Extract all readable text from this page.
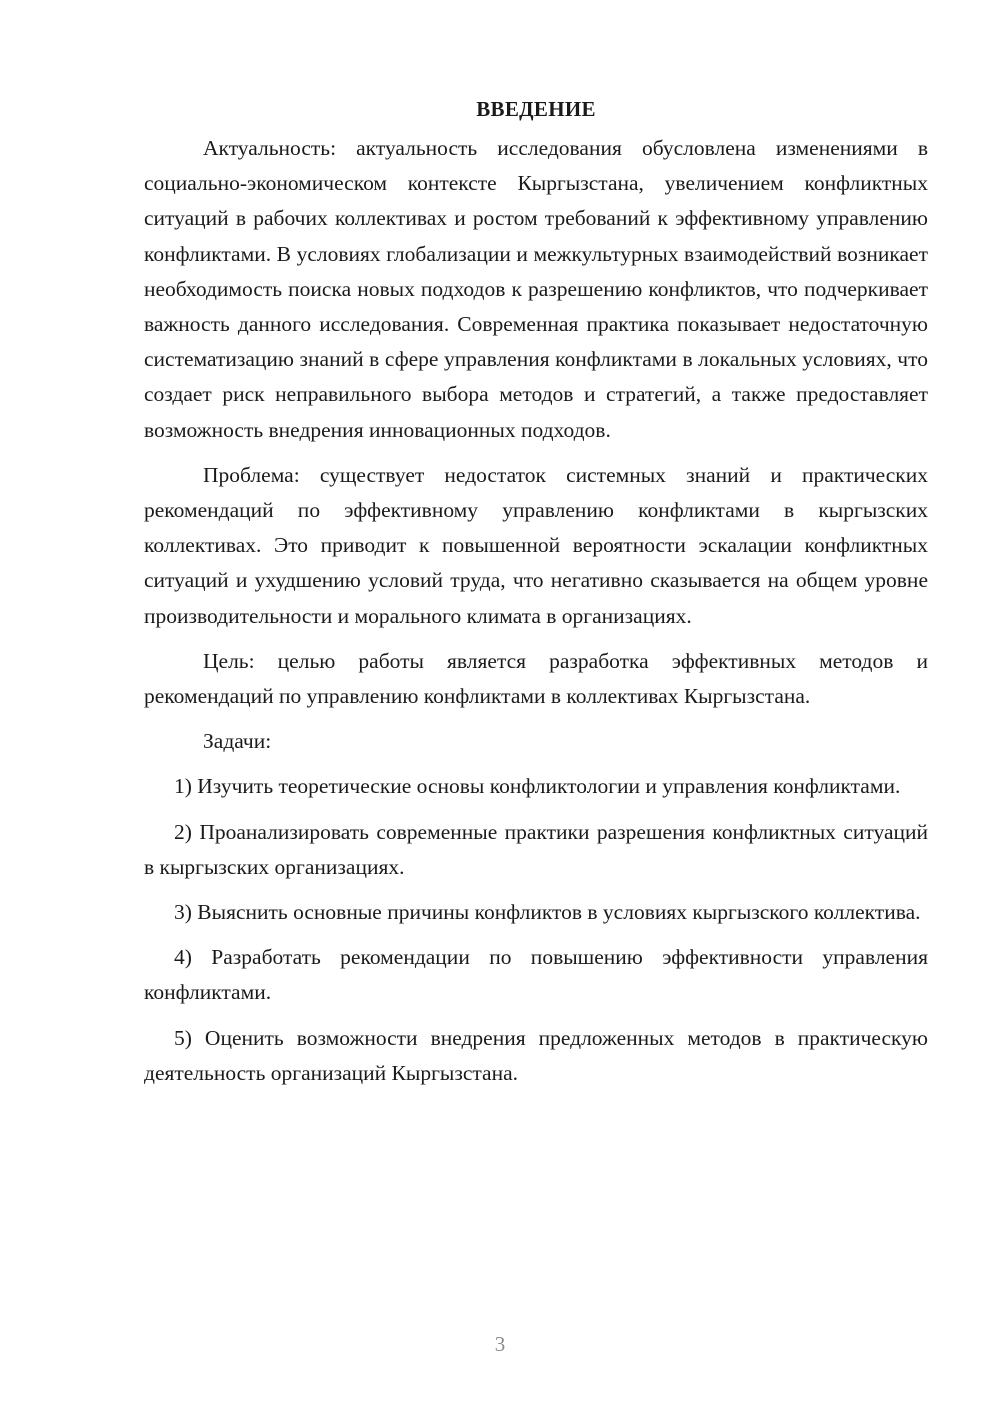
ВВЕДЕНИЕ

Актуальность: актуальность исследования обусловлена изменениями в социально-экономическом контексте Кыргызстана, увеличением конфликтных ситуаций в рабочих коллективах и ростом требований к эффективному управлению конфликтами. В условиях глобализации и межкультурных взаимодействий возникает необходимость поиска новых подходов к разрешению конфликтов, что подчеркивает важность данного исследования. Современная практика показывает недостаточную систематизацию знаний в сфере управления конфликтами в локальных условиях, что создает риск неправильного выбора методов и стратегий, а также предоставляет возможность внедрения инновационных подходов.

Проблема: существует недостаток системных знаний и практических рекомендаций по эффективному управлению конфликтами в кыргызских коллективах. Это приводит к повышенной вероятности эскалации конфликтных ситуаций и ухудшению условий труда, что негативно сказывается на общем уровне производительности и морального климата в организациях.

Цель: целью работы является разработка эффективных методов и рекомендаций по управлению конфликтами в коллективах Кыргызстана.

Задачи:

1) Изучить теоретические основы конфликтологии и управления конфликтами.

2) Проанализировать современные практики разрешения конфликтных ситуаций в кыргызских организациях.

3) Выяснить основные причины конфликтов в условиях кыргызского коллектива.

4) Разработать рекомендации по повышению эффективности управления конфликтами.

5) Оценить возможности внедрения предложенных методов в практическую деятельность организаций Кыргызстана.

3
